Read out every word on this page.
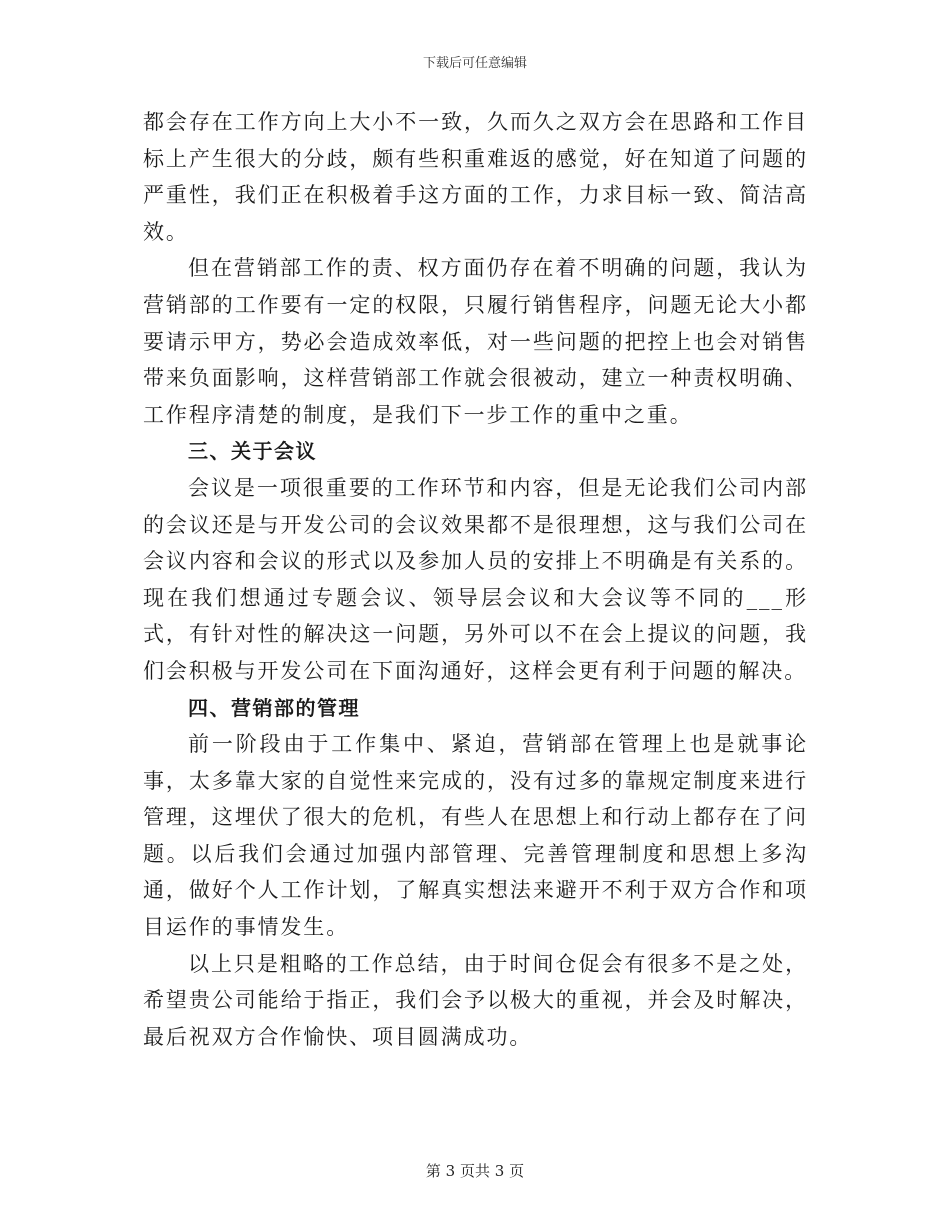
下载后可任意编辑

都会存在工作方向上大小不一致，久而久之双方会在思路和工作目标上产生很大的分歧，颇有些积重难返的感觉，好在知道了问题的严重性，我们正在积极着手这方面的工作，力求目标一致、简洁高效。

但在营销部工作的责、权方面仍存在着不明确的问题，我认为营销部的工作要有一定的权限，只履行销售程序，问题无论大小都要请示甲方，势必会造成效率低，对一些问题的把控上也会对销售带来负面影响，这样营销部工作就会很被动，建立一种责权明确、工作程序清楚的制度，是我们下一步工作的重中之重。

三、关于会议

会议是一项很重要的工作环节和内容，但是无论我们公司内部的会议还是与开发公司的会议效果都不是很理想，这与我们公司在会议内容和会议的形式以及参加人员的安排上不明确是有关系的。现在我们想通过专题会议、领导层会议和大会议等不同的___形式，有针对性的解决这一问题，另外可以不在会上提议的问题，我们会积极与开发公司在下面沟通好，这样会更有利于问题的解决。

四、营销部的管理

前一阶段由于工作集中、紧迫，营销部在管理上也是就事论事，太多靠大家的自觉性来完成的，没有过多的靠规定制度来进行管理，这埋伏了很大的危机，有些人在思想上和行动上都存在了问题。以后我们会通过加强内部管理、完善管理制度和思想上多沟通，做好个人工作计划，了解真实想法来避开不利于双方合作和项目运作的事情发生。

以上只是粗略的工作总结，由于时间仓促会有很多不是之处，希望贵公司能给于指正，我们会予以极大的重视，并会及时解决，最后祝双方合作愉快、项目圆满成功。

第 3 页共 3 页
